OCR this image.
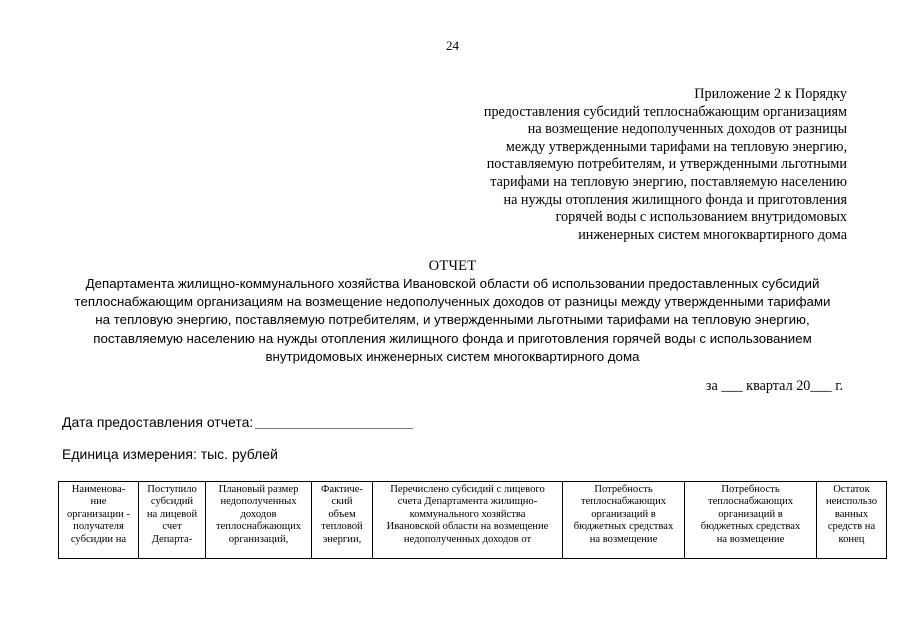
24
Приложение 2 к Порядку
предоставления субсидий теплоснабжающим организациям
на возмещение недополученных доходов от разницы
между утвержденными тарифами на тепловую энергию,
поставляемую потребителям, и утвержденными льготными
тарифами на тепловую энергию, поставляемую населению
на нужды отопления жилищного фонда и приготовления
горячей воды с использованием внутридомовых
инженерных систем многоквартирного дома
ОТЧЕТ
Департамента жилищно-коммунального хозяйства Ивановской области об использовании предоставленных субсидий
теплоснабжающим организациям на возмещение недополученных доходов от разницы между утвержденными тарифами
на тепловую энергию, поставляемую потребителям, и утвержденными льготными тарифами на тепловую энергию,
поставляемую населению на нужды отопления жилищного фонда и приготовления горячей воды с использованием
внутридомовых инженерных систем многоквартирного дома
за ___ квартал 20___ г.
Дата предоставления отчета:
Единица измерения: тыс. рублей
Наименова-
ние
организации -
получателя
субсидии на

Поступило
субсидий
на лицевой
счет
Департа-

Плановый размер
недополученных
доходов
теплоснабжающих
организаций,

Фактиче-
ский
объем
тепловой
энергии,

Перечислено субсидий с лицевого
счета Департамента жилищно-
коммунального хозяйства
Ивановской области на возмещение
недополученных доходов от

Потребность
теплоснабжающих
организаций в
бюджетных средствах
на возмещение

Потребность
теплоснабжающих
организаций в
бюджетных средствах
на возмещение

Остаток
неиспользо
ванных
средств на
конец
